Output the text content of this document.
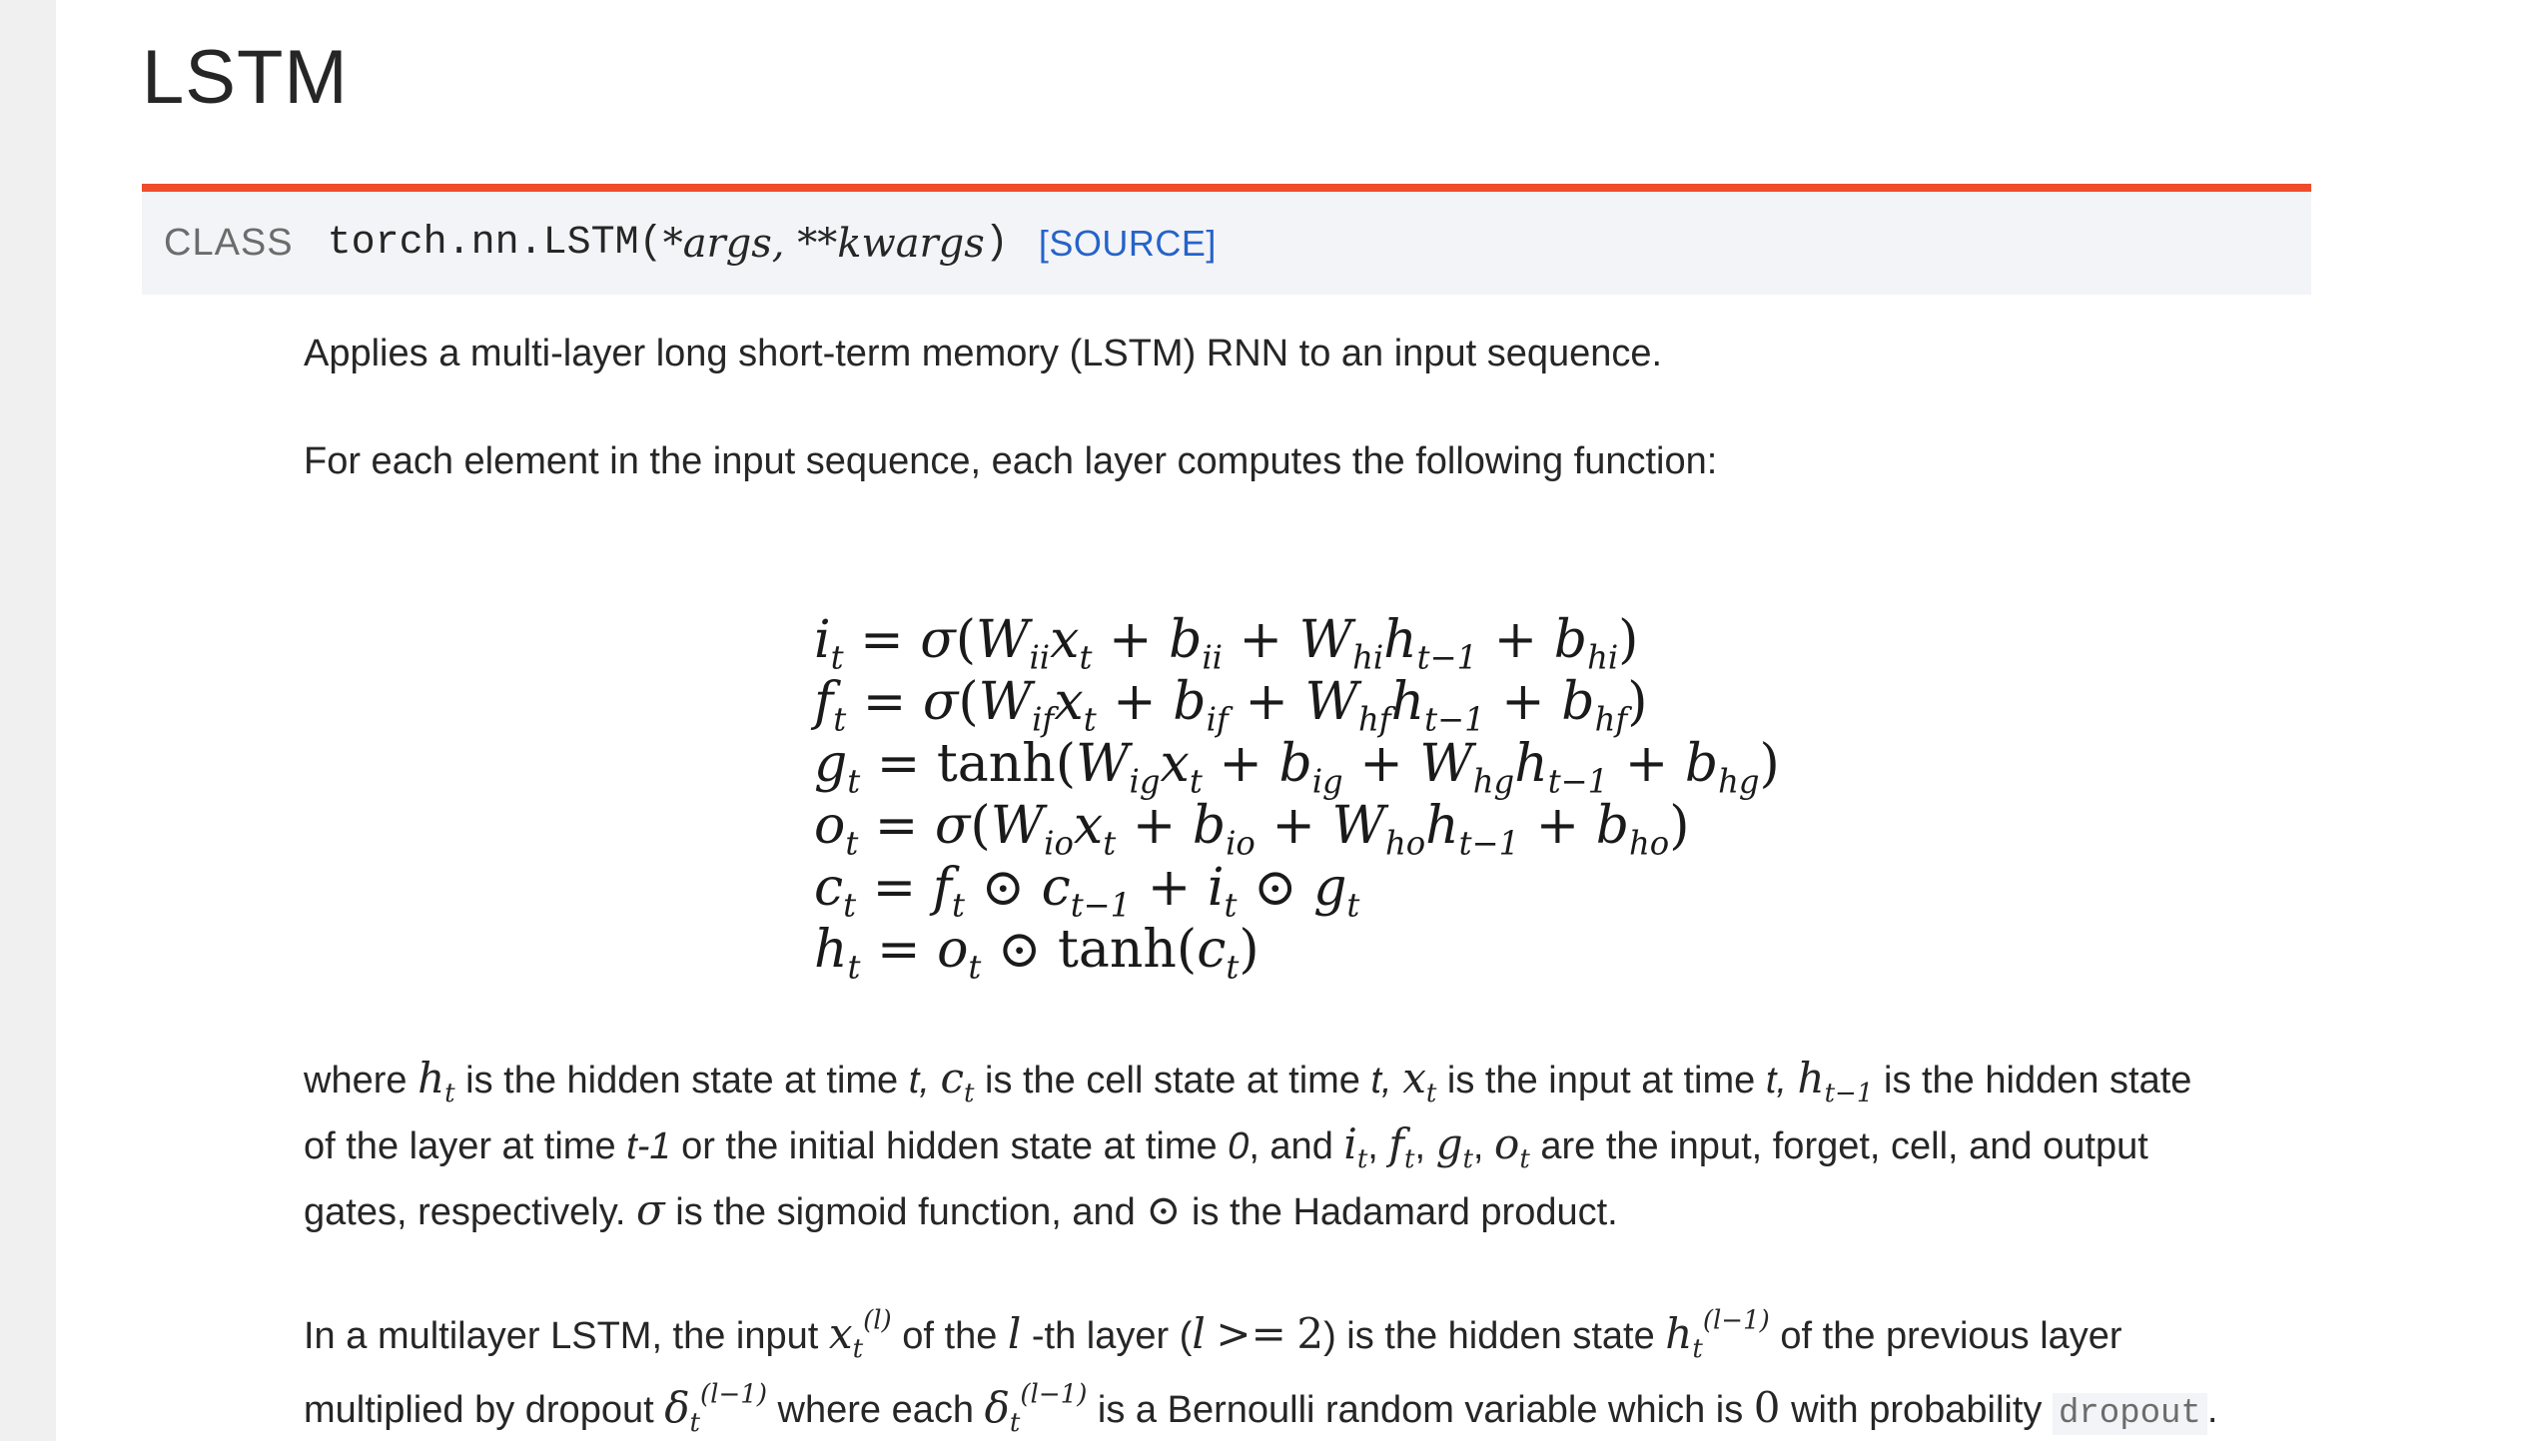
LSTM
CLASS torch.nn.LSTM( *args, **kwargs ) [SOURCE]

Applies a multi-layer long short-term memory (LSTM) RNN to an input sequence.

For each element in the input sequence, each layer computes the following function:

$i_t = \sigma(W_{ii}x_t + b_{ii} + W_{hi}h_{t-1} + b_{hi})$
$f_t = \sigma(W_{if}x_t + b_{if} + W_{hf}h_{t-1} + b_{hf})$
$g_t = \tanh(W_{ig}x_t + b_{ig} + W_{hg}h_{t-1} + b_{hg})$
$o_t = \sigma(W_{io}x_t + b_{io} + W_{ho}h_{t-1} + b_{ho})$
$c_t = f_t$ ⊙ $c_{t-1} + i_t$ ⊙ $g_t$
$h_t = o_t$ ⊙ $\tanh(c_t)$

where $h_t$ is the hidden state at time t, $c_t$ is the cell state at time t, $x_t$ is the input at time t, $h_{t-1}$ is the hidden state
of the layer at time t-1 or the initial hidden state at time 0, and $i_t$, $f_t$, $g_t$, $o_t$ are the input, forget, cell, and output
gates, respectively. σ is the sigmoid function, and ⊙ is the Hadamard product.

In a multilayer LSTM, the input $x_t^{(l)}$ of the l -th layer (l >= 2) is the hidden state $h_t^{(l-1)}$ of the previous layer
multiplied by dropout $\delta_t^{(l-1)}$ where each $\delta_t^{(l-1)}$ is a Bernoulli random variable which is 0 with probability dropout .
